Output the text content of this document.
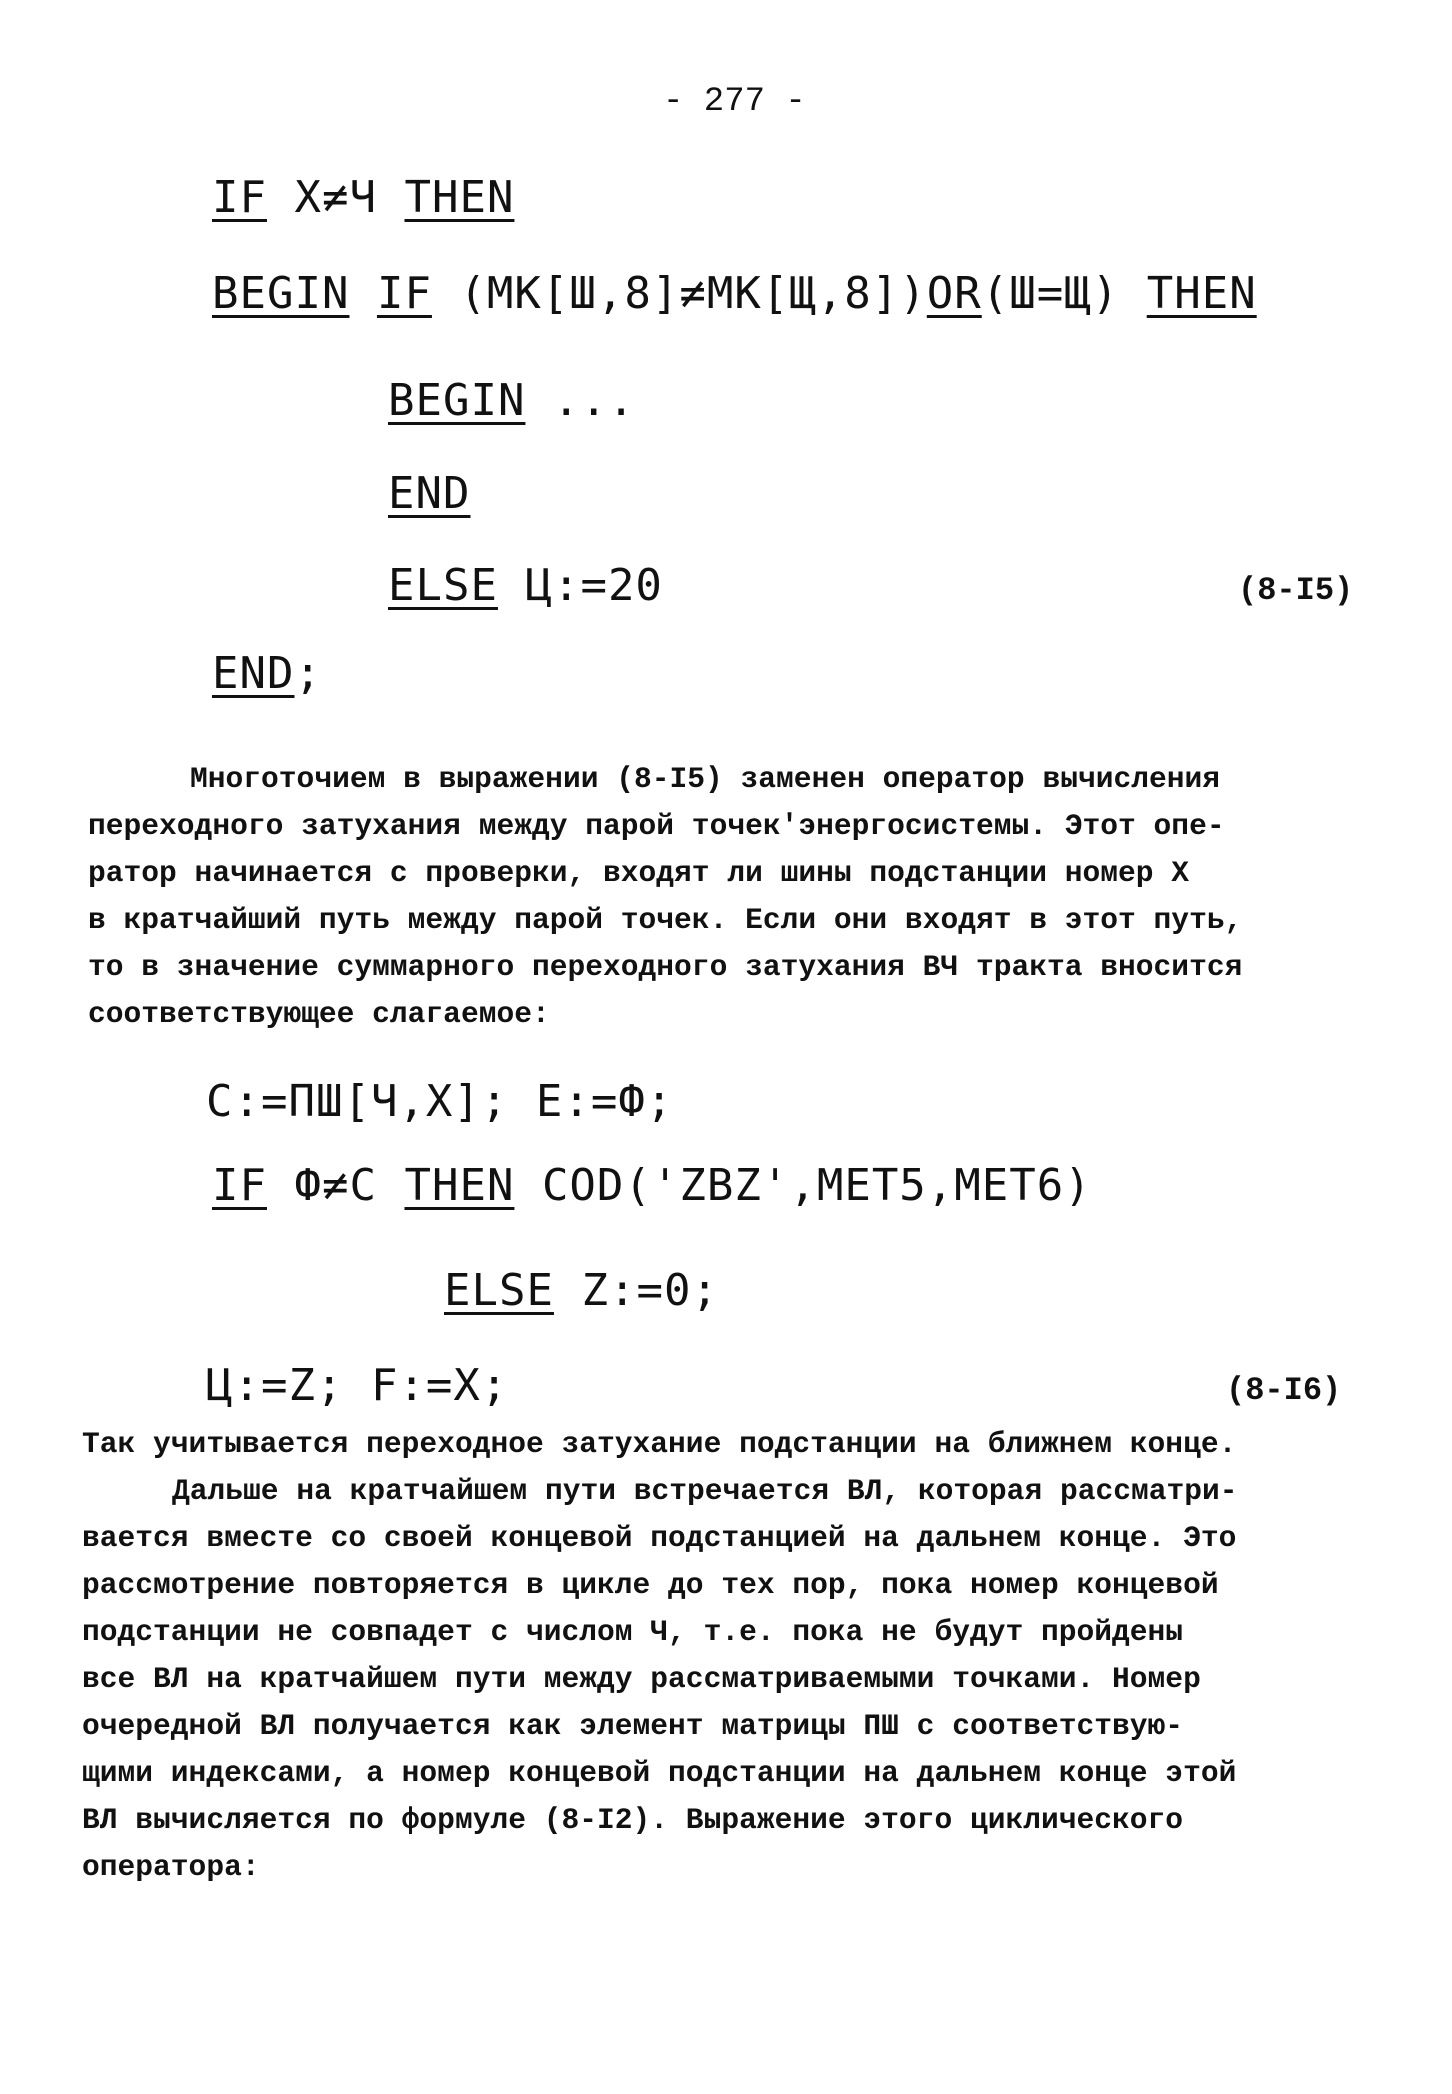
- 277 -
IF Х≠Ч THEN
BEGIN IF (МК[Ш,8]≠МК[Щ,8])OR(Ш=Щ) THEN
BEGIN ...
END
ELSE Ц:=20	(8-I5)
END;
Многоточием в выражении (8-I5) заменен оператор вычисления
переходного затухания между парой точек'энергосистемы. Этот опе-
ратор начинается с проверки, входят ли шины подстанции номер Х
в кратчайший путь между парой точек. Если они входят в этот путь,
то в значение суммарного переходного затухания ВЧ тракта вносится
соответствующее слагаемое:
С:=ПШ[Ч,Х]; Е:=Ф;
IF Ф≠С THEN COD('ZBZ',MET5,MET6)
ELSE Z:=0;
Ц:=Z; F:=Х;	(8-I6)
Так учитывается переходное затухание подстанции на ближнем конце.
Дальше на кратчайшем пути встречается ВЛ, которая рассматри-
вается вместе со своей концевой подстанцией на дальнем конце. Это
рассмотрение повторяется в цикле до тех пор, пока номер концевой
подстанции не совпадет с числом Ч, т.е. пока не будут пройдены
все ВЛ на кратчайшем пути между рассматриваемыми точками. Номер
очередной ВЛ получается как элемент матрицы ПШ с соответствую-
щими индексами, а номер концевой подстанции на дальнем конце этой
ВЛ вычисляется по формуле (8-I2). Выражение этого циклического
оператора:
